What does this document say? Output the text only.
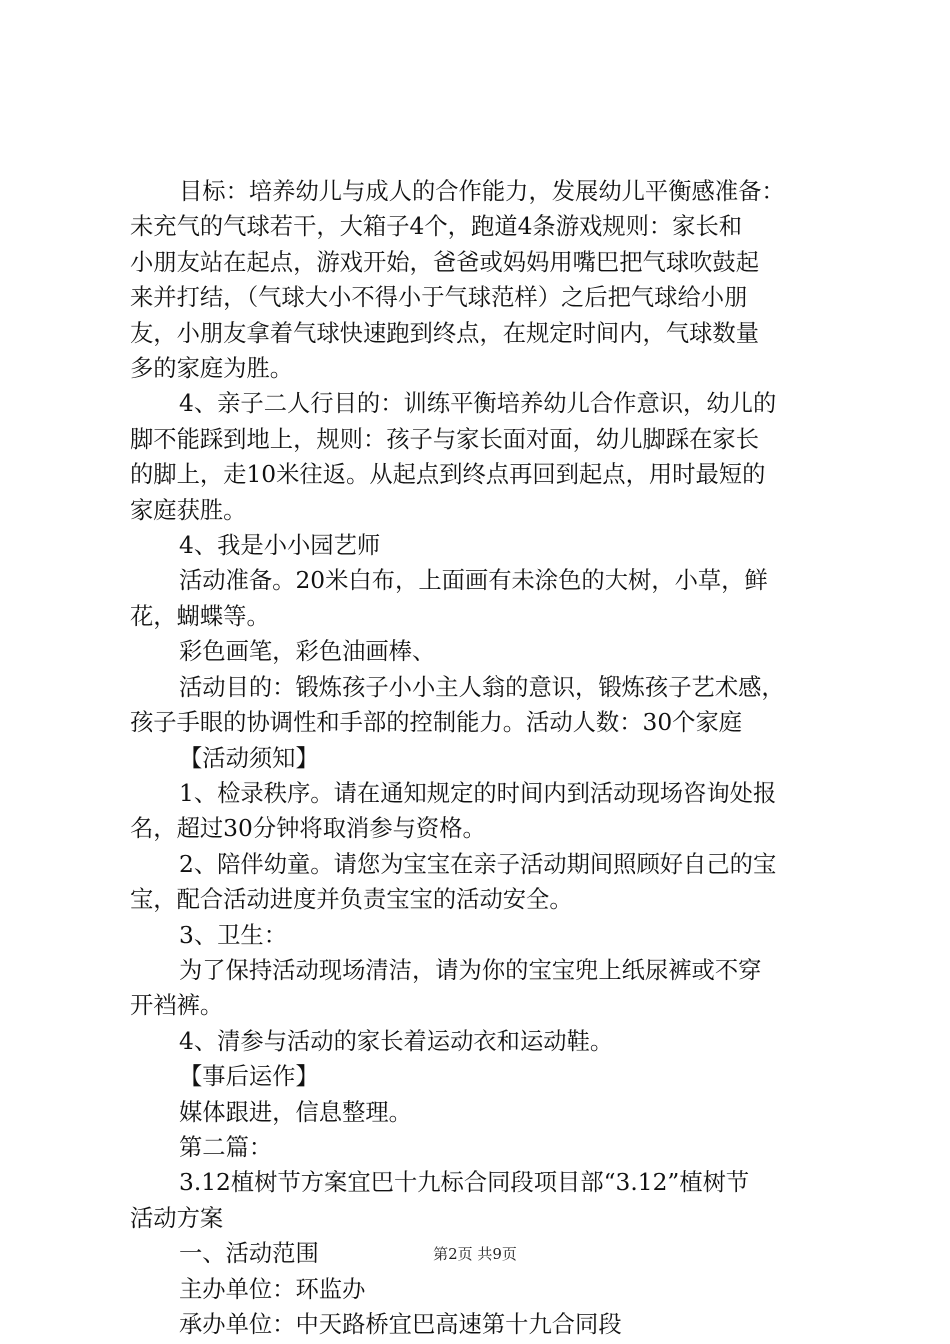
目标：培养幼儿与成人的合作能力，发展幼儿平衡感准备：

未充气的气球若干，大箱子4个，跑道4条游戏规则：家长和

小朋友站在起点，游戏开始，爸爸或妈妈用嘴巴把气球吹鼓起

来并打结，（气球大小不得小于气球范样）之后把气球给小朋

友，小朋友拿着气球快速跑到终点，在规定时间内，气球数量

多的家庭为胜。

4、亲子二人行目的：训练平衡培养幼儿合作意识，幼儿的

脚不能踩到地上，规则：孩子与家长面对面，幼儿脚踩在家长

的脚上，走10米往返。从起点到终点再回到起点，用时最短的

家庭获胜。

4、我是小小园艺师

活动准备。20米白布，上面画有未涂色的大树，小草，鲜

花，蝴蝶等。

彩色画笔，彩色油画棒、

活动目的：锻炼孩子小小主人翁的意识，锻炼孩子艺术感，

孩子手眼的协调性和手部的控制能力。活动人数：30个家庭

【活动须知】

1、检录秩序。请在通知规定的时间内到活动现场咨询处报

名，超过30分钟将取消参与资格。

2、陪伴幼童。请您为宝宝在亲子活动期间照顾好自己的宝

宝，配合活动进度并负责宝宝的活动安全。

3、卫生：

为了保持活动现场清洁，请为你的宝宝兜上纸尿裤或不穿

开裆裤。

4、清参与活动的家长着运动衣和运动鞋。

【事后运作】

媒体跟进，信息整理。

第二篇：

3.12植树节方案宜巴十九标合同段项目部“3.12”植树节

活动方案

一、活动范围

主办单位：环监办

承办单位：中天路桥宜巴高速第十九合同段

第2页 共9页
